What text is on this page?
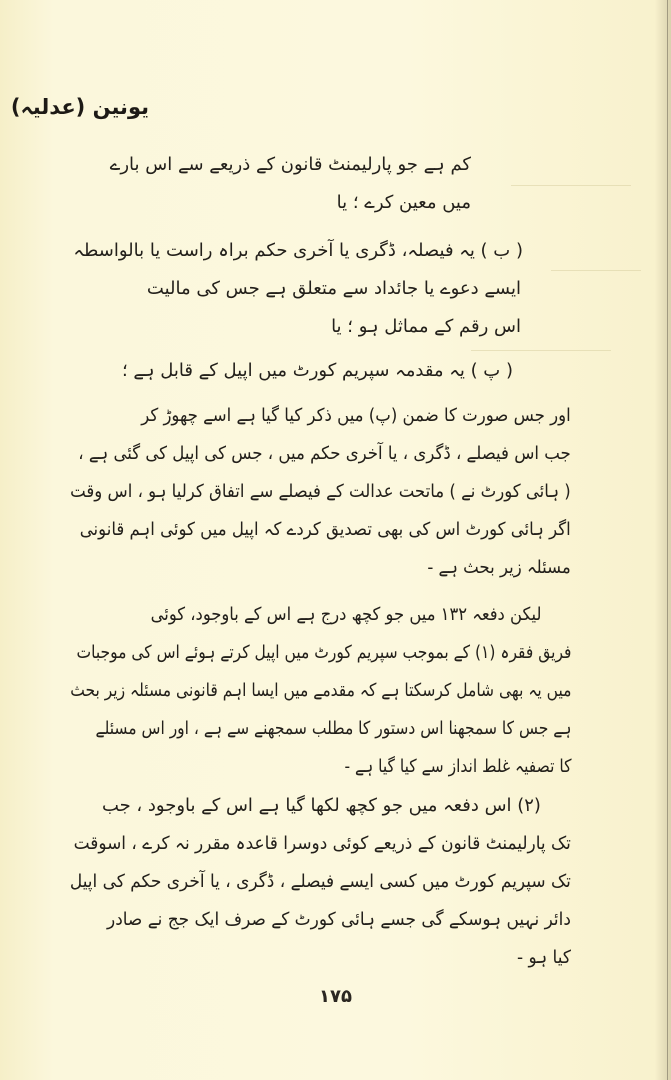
یونین (عدلیہ)
کم ہے جو پارلیمنٹ قانون کے ذریعے سے اس بارے
میں معین کرے ؛ یا
( ب ) یہ فیصلہ، ڈگری یا آخری حکم براہ راست یا بالواسطہ
ایسے دعوے یا جائداد سے متعلق ہے جس کی مالیت
اس رقم کے مماثل ہو ؛ یا
( پ ) یہ مقدمہ سپریم کورٹ میں اپیل کے قابل ہے ؛
اور جس صورت کا ضمن (پ) میں ذکر کیا گیا ہے اسے چھوڑ کر
جب اس فیصلے ، ڈگری ، یا آخری حکم میں ، جس کی اپیل کی گئی ہے ،
( ہائی کورٹ نے ) ماتحت عدالت کے فیصلے سے اتفاق کرلیا ہو ، اس وقت
اگر ہائی کورٹ اس کی بھی تصدیق کردے کہ اپیل میں کوئی اہم قانونی
مسئلہ زیر بحث ہے -
لیکن دفعہ ۱۳۲ میں جو کچھ درج ہے اس کے باوجود، کوئی
فریق فقرہ (۱) کے بموجب سپریم کورٹ میں اپیل کرتے ہوئے اس کی موجبات
میں یہ بھی شامل کرسکتا ہے کہ مقدمے میں ایسا اہم قانونی مسئلہ زیر بحث
ہے جس کا سمجھنا اس دستور کا مطلب سمجھنے سے ہے ، اور اس مسئلے
کا تصفیہ غلط انداز سے کیا گیا ہے -
(۲) اس دفعہ میں جو کچھ لکھا گیا ہے اس کے باوجود ، جب
تک پارلیمنٹ قانون کے ذریعے کوئی دوسرا قاعدہ مقرر نہ کرے ، اسوقت
تک سپریم کورٹ میں کسی ایسے فیصلے ، ڈگری ، یا آخری حکم کی اپیل
دائر نہیں ہوسکے گی جسے ہائی کورٹ کے صرف ایک جج نے صادر
کیا ہو -
۱۷۵
